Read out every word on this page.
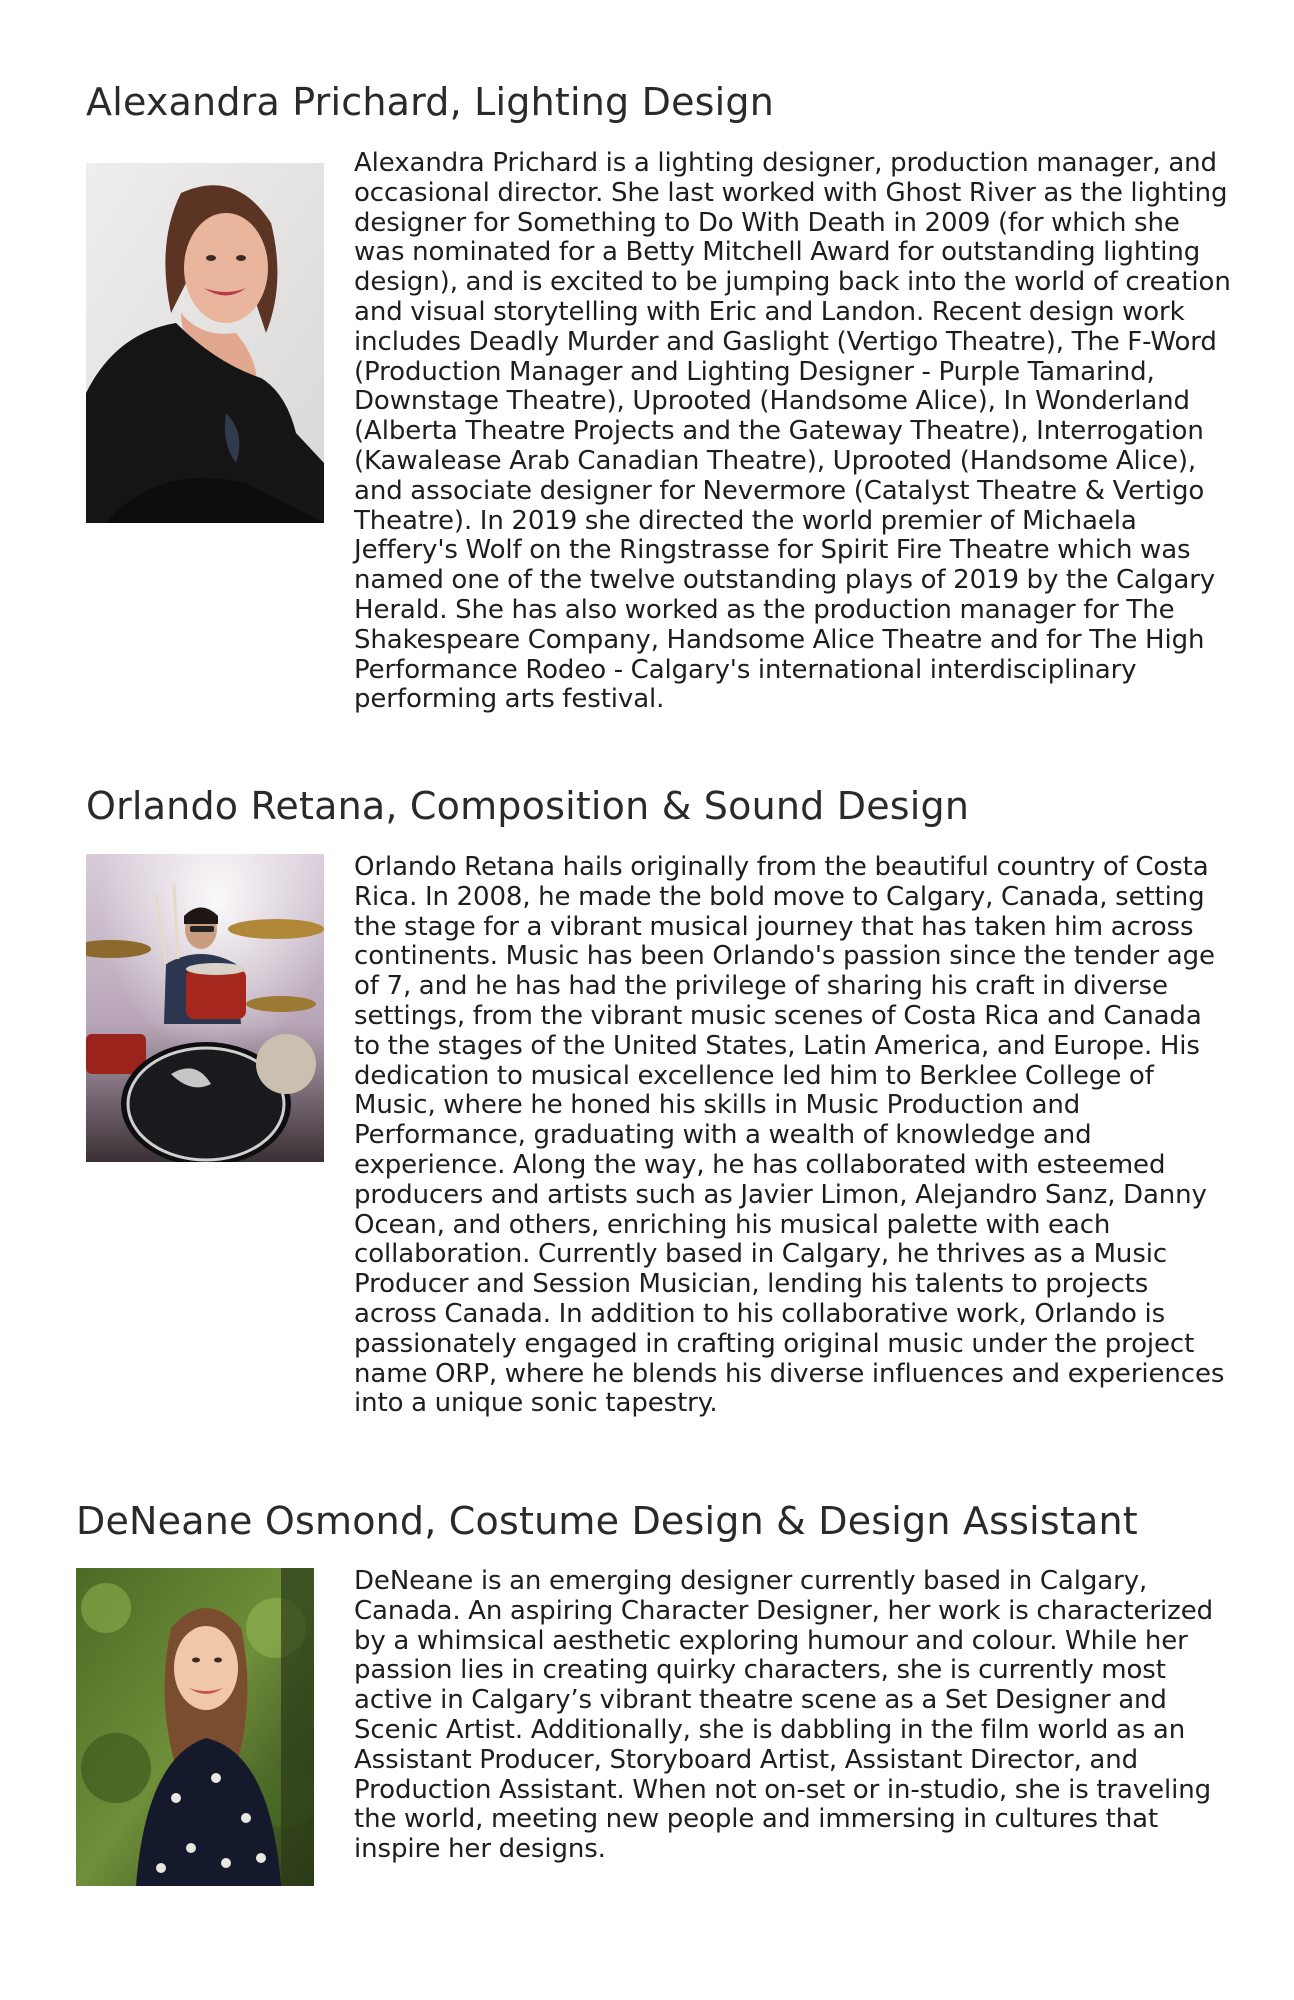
Alexandra Prichard, Lighting Design

Alexandra Prichard is a lighting designer, production manager, and occasional director. She last worked with Ghost River as the lighting designer for Something to Do With Death in 2009 (for which she was nominated for a Betty Mitchell Award for outstanding lighting design), and is excited to be jumping back into the world of creation and visual storytelling with Eric and Landon. Recent design work includes Deadly Murder and Gaslight (Vertigo Theatre), The F-Word (Production Manager and Lighting Designer - Purple Tamarind, Downstage Theatre), Uprooted (Handsome Alice), In Wonderland (Alberta Theatre Projects and the Gateway Theatre), Interrogation (Kawalease Arab Canadian Theatre), Uprooted (Handsome Alice), and associate designer for Nevermore (Catalyst Theatre & Vertigo Theatre). In 2019 she directed the world premier of Michaela Jeffery's Wolf on the Ringstrasse for Spirit Fire Theatre which was named one of the twelve outstanding plays of 2019 by the Calgary Herald. She has also worked as the production manager for The Shakespeare Company, Handsome Alice Theatre and for The High Performance Rodeo - Calgary's international interdisciplinary performing arts festival.

Orlando Retana, Composition & Sound Design

Orlando Retana hails originally from the beautiful country of Costa Rica. In 2008, he made the bold move to Calgary, Canada, setting the stage for a vibrant musical journey that has taken him across continents. Music has been Orlando's passion since the tender age of 7, and he has had the privilege of sharing his craft in diverse settings, from the vibrant music scenes of Costa Rica and Canada to the stages of the United States, Latin America, and Europe. His dedication to musical excellence led him to Berklee College of Music, where he honed his skills in Music Production and Performance, graduating with a wealth of knowledge and experience. Along the way, he has collaborated with esteemed producers and artists such as Javier Limon, Alejandro Sanz, Danny Ocean, and others, enriching his musical palette with each collaboration. Currently based in Calgary, he thrives as a Music Producer and Session Musician, lending his talents to projects across Canada. In addition to his collaborative work, Orlando is passionately engaged in crafting original music under the project name ORP, where he blends his diverse influences and experiences into a unique sonic tapestry.

DeNeane Osmond, Costume Design & Design Assistant

DeNeane is an emerging designer currently based in Calgary, Canada. An aspiring Character Designer, her work is characterized by a whimsical aesthetic exploring humour and colour. While her passion lies in creating quirky characters, she is currently most active in Calgary’s vibrant theatre scene as a Set Designer and Scenic Artist. Additionally, she is dabbling in the film world as an Assistant Producer, Storyboard Artist, Assistant Director, and Production Assistant. When not on-set or in-studio, she is traveling the world, meeting new people and immersing in cultures that inspire her designs.
